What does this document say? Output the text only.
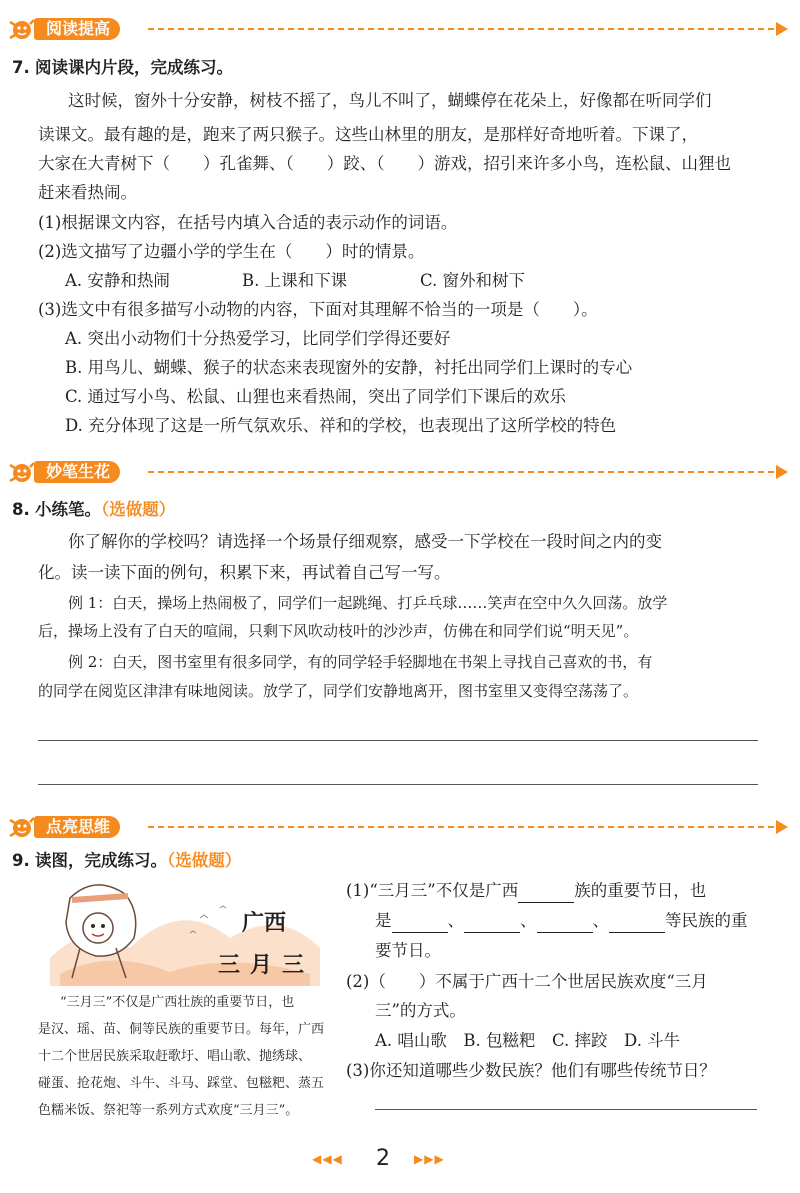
阅读提高
7. 阅读课内片段，完成练习。
这时候，窗外十分安静，树枝不摇了，鸟儿不叫了，蝴蝶停在花朵上，好像都在听同学们
读课文。最有趣的是，跑来了两只猴子。这些山林里的朋友，是那样好奇地听着。下课了，
大家在大青树下（　　）孔雀舞、（　　）跤、（　　）游戏，招引来许多小鸟，连松鼠、山狸也
赶来看热闹。
(1)根据课文内容，在括号内填入合适的表示动作的词语。
(2)选文描写了边疆小学的学生在（　　）时的情景。
A. 安静和热闹	B. 上课和下课	C. 窗外和树下
(3)选文中有很多描写小动物的内容，下面对其理解不恰当的一项是（　　）。
A. 突出小动物们十分热爱学习，比同学们学得还要好
B. 用鸟儿、蝴蝶、猴子的状态来表现窗外的安静，衬托出同学们上课时的专心
C. 通过写小鸟、松鼠、山狸也来看热闹，突出了同学们下课后的欢乐
D. 充分体现了这是一所气氛欢乐、祥和的学校，也表现出了这所学校的特色
妙笔生花
8. 小练笔。（选做题）
你了解你的学校吗？请选择一个场景仔细观察，感受一下学校在一段时间之内的变
化。读一读下面的例句，积累下来，再试着自己写一写。
例 1：白天，操场上热闹极了，同学们一起跳绳、打乒乓球……笑声在空中久久回荡。放学
后，操场上没有了白天的喧闹，只剩下风吹动枝叶的沙沙声，仿佛在和同学们说“明天见”。
例 2：白天，图书室里有很多同学，有的同学轻手轻脚地在书架上寻找自己喜欢的书，有
的同学在阅览区津津有味地阅读。放学了，同学们安静地离开，图书室里又变得空荡荡了。
点亮思维
9. 读图，完成练习。（选做题）
广西
三月三
“三月三”不仅是广西壮族的重要节日，也
是汉、瑶、苗、侗等民族的重要节日。每年，广西
十二个世居民族采取赶歌圩、唱山歌、抛绣球、
碰蛋、抢花炮、斗牛、斗马、踩堂、包糍粑、蒸五
色糯米饭、祭祀等一系列方式欢度“三月三”。
(1)“三月三”不仅是广西	族的重要节日，也
是	、	、	、	等民族的重
要节日。
(2)（　　）不属于广西十二个世居民族欢度“三月
三”的方式。
A. 唱山歌　B. 包糍粑　C. 摔跤　D. 斗牛
(3)你还知道哪些少数民族？他们有哪些传统节日？
◀◀◀ 2 ▶▶▶
